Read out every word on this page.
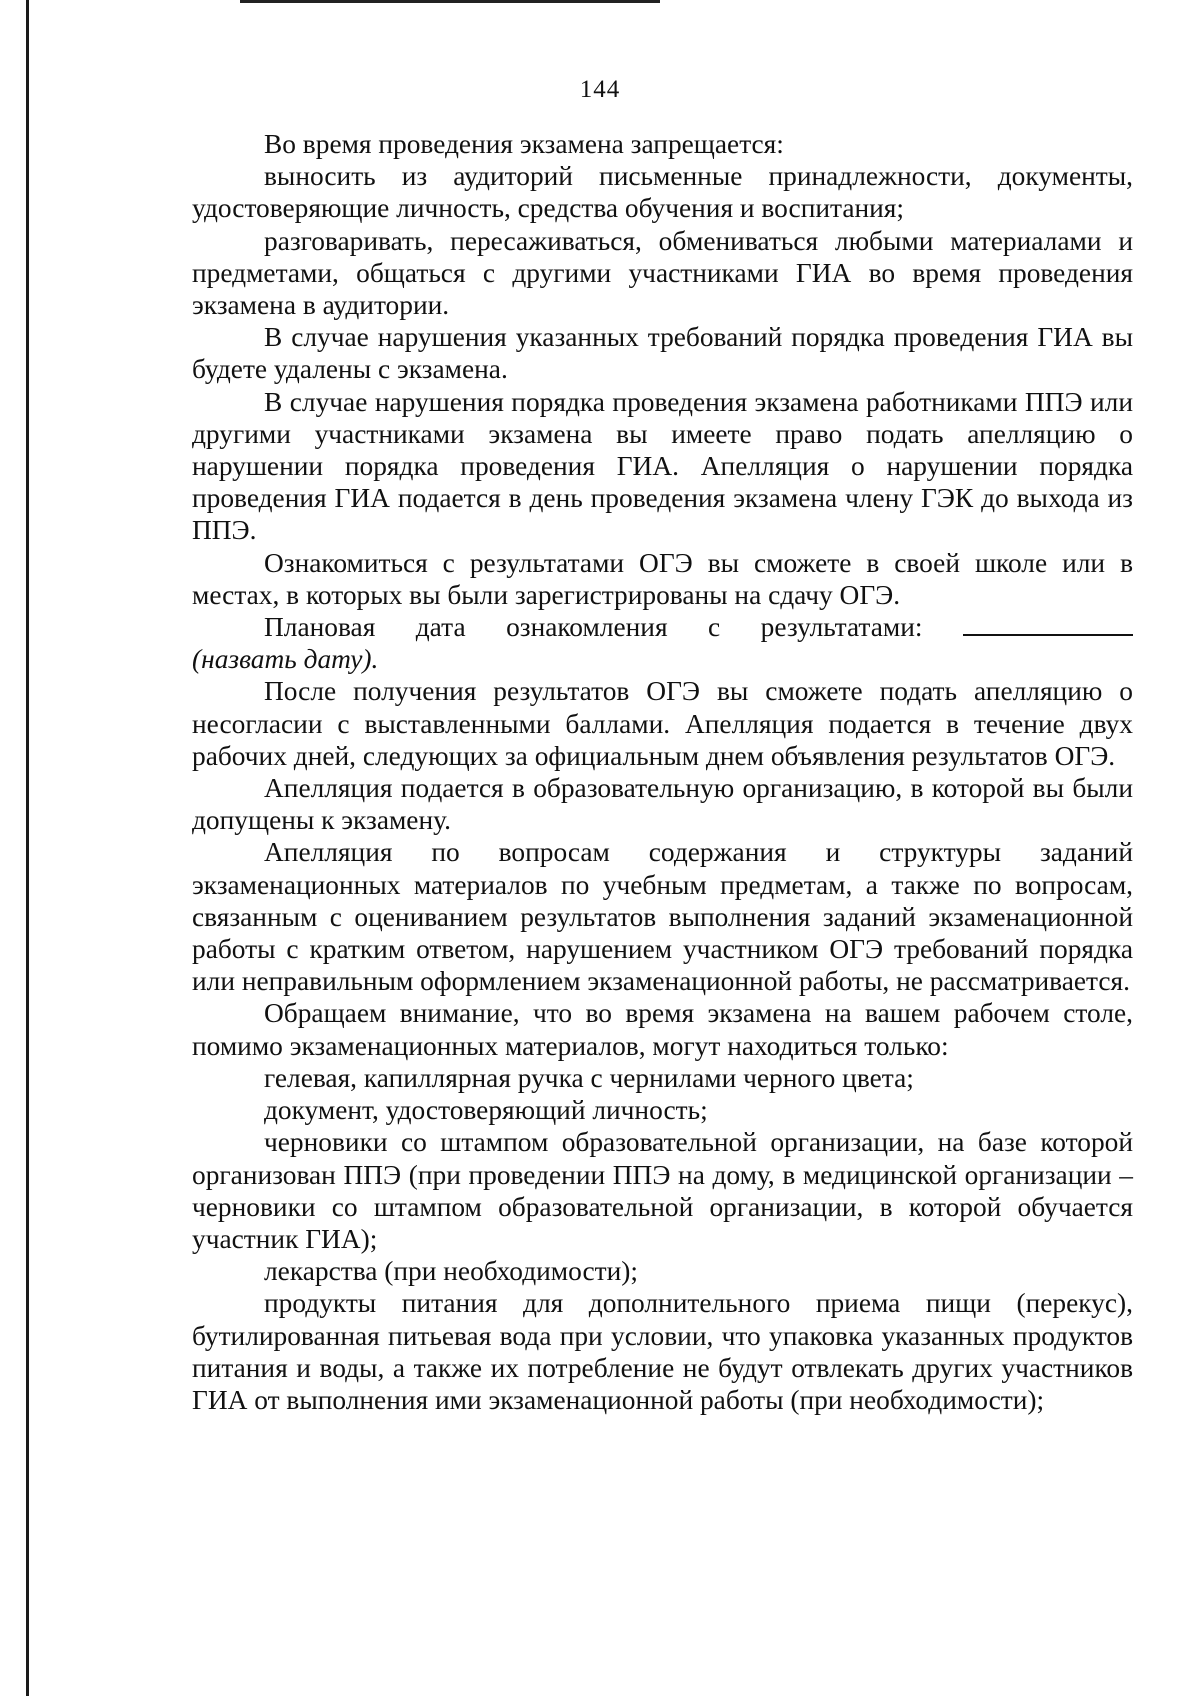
144

Во время проведения экзамена запрещается:

выносить из аудиторий письменные принадлежности, документы, удостоверяющие личность, средства обучения и воспитания;

разговаривать, пересаживаться, обмениваться любыми материалами и предметами, общаться с другими участниками ГИА во время проведения экзамена в аудитории.

В случае нарушения указанных требований порядка проведения ГИА вы будете удалены с экзамена.

В случае нарушения порядка проведения экзамена работниками ППЭ или другими участниками экзамена вы имеете право подать апелляцию о нарушении порядка проведения ГИА. Апелляция о нарушении порядка проведения ГИА подается в день проведения экзамена члену ГЭК до выхода из ППЭ.

Ознакомиться с результатами ОГЭ вы сможете в своей школе или в местах, в которых вы были зарегистрированы на сдачу ОГЭ.

Плановая дата ознакомления с результатами:

(назвать дату).

После получения результатов ОГЭ вы сможете подать апелляцию о несогласии с выставленными баллами. Апелляция подается в течение двух рабочих дней, следующих за официальным днем объявления результатов ОГЭ.

Апелляция подается в образовательную организацию, в которой вы были допущены к экзамену.

Апелляция по вопросам содержания и структуры заданий экзаменационных материалов по учебным предметам, а также по вопросам, связанным с оцениванием результатов выполнения заданий экзаменационной работы с кратким ответом, нарушением участником ОГЭ требований порядка или неправильным оформлением экзаменационной работы, не рассматривается.

Обращаем внимание, что во время экзамена на вашем рабочем столе, помимо экзаменационных материалов, могут находиться только:

гелевая, капиллярная ручка с чернилами черного цвета;

документ, удостоверяющий личность;

черновики со штампом образовательной организации, на базе которой организован ППЭ (при проведении ППЭ на дому, в медицинской организации – черновики со штампом образовательной организации, в которой обучается участник ГИА);

лекарства (при необходимости);

продукты питания для дополнительного приема пищи (перекус), бутилированная питьевая вода при условии, что упаковка указанных продуктов питания и воды, а также их потребление не будут отвлекать других участников ГИА от выполнения ими экзаменационной работы (при необходимости);
